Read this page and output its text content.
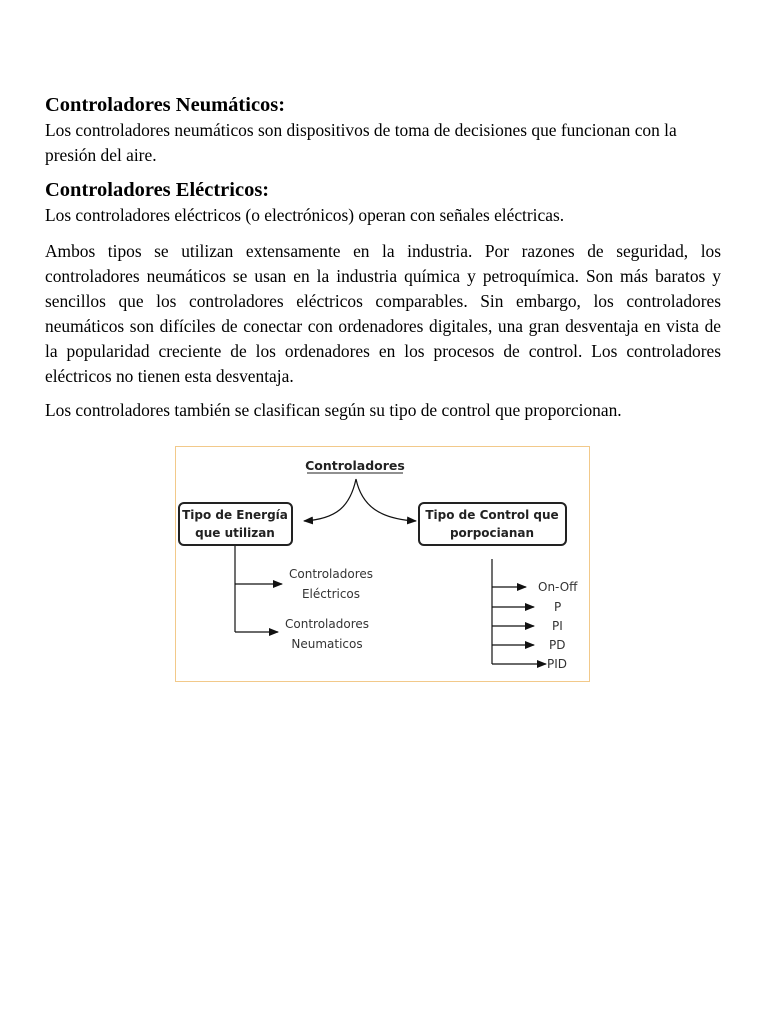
Controladores Neumáticos:

Los controladores neumáticos son dispositivos de toma de decisiones que funcionan con la presión del aire.

Controladores Eléctricos:

Los controladores eléctricos (o electrónicos) operan con señales eléctricas.

Ambos tipos se utilizan extensamente en la industria. Por razones de seguridad, los controladores neumáticos se usan en la industria química y petroquímica. Son más baratos y sencillos que los controladores eléctricos comparables. Sin embargo, los controladores neumáticos son difíciles de conectar con ordenadores digitales, una gran desventaja en vista de la popularidad creciente de los ordenadores en los procesos de control. Los controladores eléctricos no tienen esta desventaja.

Los controladores también se clasifican según su tipo de control que proporcionan.

Controladores
Tipo de Energía
que utilizan
Tipo de Control que
porpocianan
Controladores
Eléctricos
Controladores
Neumaticos
On-Off
P
PI
PD
PID
